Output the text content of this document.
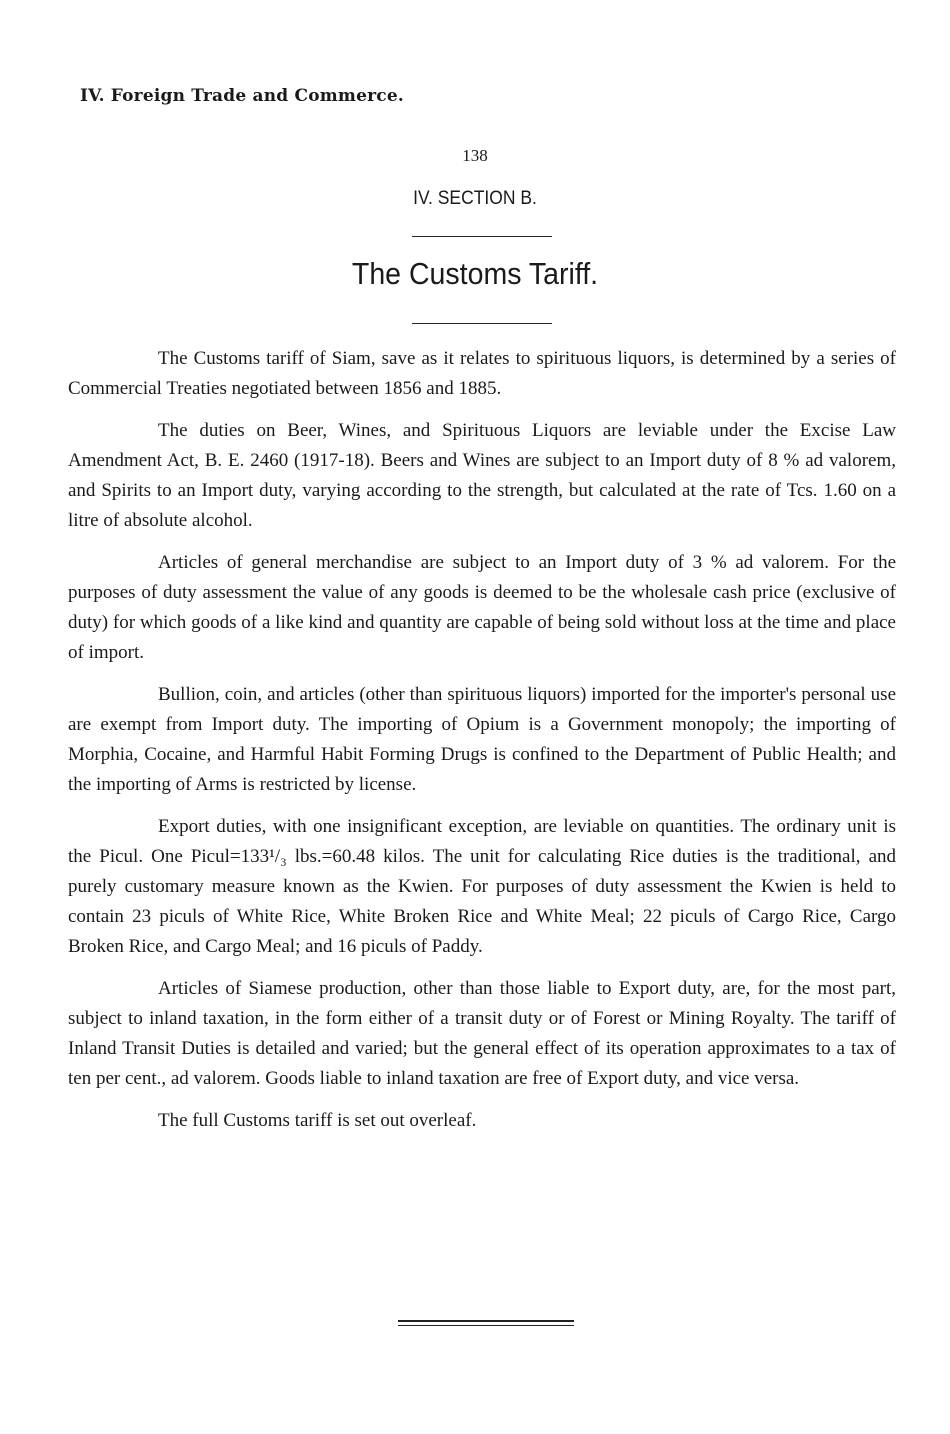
IV. Foreign Trade and Commerce.
138
IV. SECTION B.
The Customs Tariff.

The Customs tariff of Siam, save as it relates to spirituous liquors, is determined by a series of Commercial Treaties negotiated between 1856 and 1885.

The duties on Beer, Wines, and Spirituous Liquors are leviable under the Excise Law Amendment Act, B. E. 2460 (1917-18). Beers and Wines are subject to an Import duty of 8 % ad valorem, and Spirits to an Import duty, varying according to the strength, but calculated at the rate of Tcs. 1.60 on a litre of absolute alcohol.

Articles of general merchandise are subject to an Import duty of 3 % ad valorem. For the purposes of duty assessment the value of any goods is deemed to be the wholesale cash price (exclusive of duty) for which goods of a like kind and quantity are capable of being sold without loss at the time and place of import.

Bullion, coin, and articles (other than spirituous liquors) imported for the importer's personal use are exempt from Import duty. The importing of Opium is a Government monopoly; the importing of Morphia, Cocaine, and Harmful Habit Forming Drugs is confined to the Department of Public Health; and the importing of Arms is restricted by license.

Export duties, with one insignificant exception, are leviable on quantities. The ordinary unit is the Picul. One Picul=133¹/₃ lbs.=60.48 kilos. The unit for calculating Rice duties is the traditional, and purely customary measure known as the Kwien. For purposes of duty assessment the Kwien is held to contain 23 piculs of White Rice, White Broken Rice and White Meal; 22 piculs of Cargo Rice, Cargo Broken Rice, and Cargo Meal; and 16 piculs of Paddy.

Articles of Siamese production, other than those liable to Export duty, are, for the most part, subject to inland taxation, in the form either of a transit duty or of Forest or Mining Royalty. The tariff of Inland Transit Duties is detailed and varied; but the general effect of its operation approximates to a tax of ten per cent., ad valorem. Goods liable to inland taxation are free of Export duty, and vice versa.

The full Customs tariff is set out overleaf.
